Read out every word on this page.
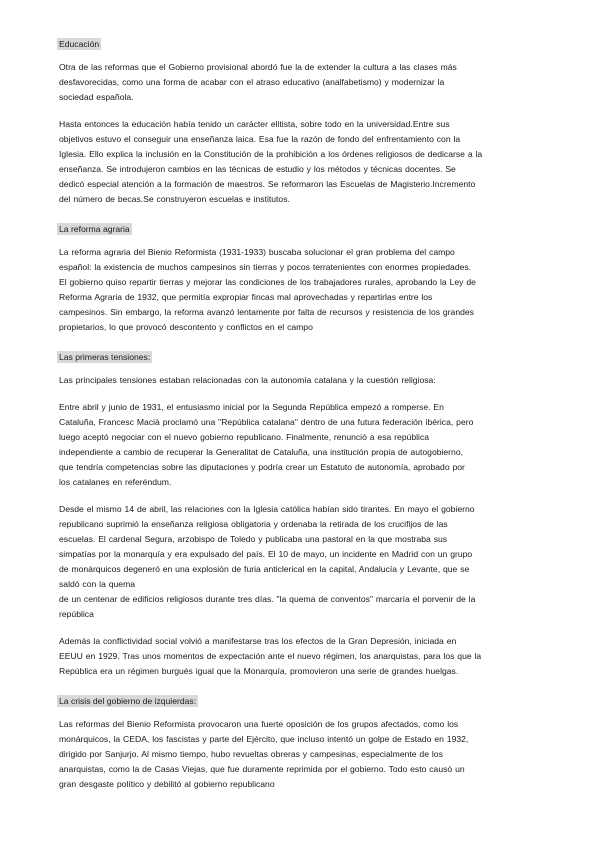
Educación

Otra de las reformas que el Gobierno provisional abordó fue la de extender la cultura a las clases más
desfavorecidas, como una forma de acabar con el atraso educativo (analfabetismo) y modernizar la
sociedad española.

Hasta entonces la educación había tenido un carácter elitista, sobre todo en la universidad.Entre sus
objetivos estuvo el conseguir una enseñanza laica. Esa fue la razón de fondo del enfrentamiento con la
Iglesia. Ello explica la inclusión en la Constitución de la prohibición a los órdenes religiosos de dedicarse a la
enseñanza. Se introdujeron cambios en las técnicas de estudio y los métodos y técnicas docentes. Se
dedicó especial atención a la formación de maestros. Se reformaron las Escuelas de Magisterio.Incremento
del número de becas.Se construyeron escuelas e institutos.

La reforma agraria

La reforma agraria del Bienio Reformista (1931-1933) buscaba solucionar el gran problema del campo
español: la existencia de muchos campesinos sin tierras y pocos terratenientes con enormes propiedades.
El gobierno quiso repartir tierras y mejorar las condiciones de los trabajadores rurales, aprobando la Ley de
Reforma Agraria de 1932, que permitía expropiar fincas mal aprovechadas y repartirlas entre los
campesinos. Sin embargo, la reforma avanzó lentamente por falta de recursos y resistencia de los grandes
propietarios, lo que provocó descontento y conflictos en el campo

Las primeras tensiones:

Las principales tensiones estaban relacionadas con la autonomía catalana y la cuestión religiosa:

Entre abril y junio de 1931, el entusiasmo inicial por la Segunda República empezó a romperse. En
Cataluña, Francesc Macià proclamó una "República catalana" dentro de una futura federación ibérica, pero
luego aceptó negociar con el nuevo gobierno republicano. Finalmente, renunció a esa república
independiente a cambio de recuperar la Generalitat de Cataluña, una institución propia de autogobierno,
que tendría competencias sobre las diputaciones y podría crear un Estatuto de autonomía, aprobado por
los catalanes en referéndum.

Desde el mismo 14 de abril, las relaciones con la Iglesia católica habían sido tirantes. En mayo el gobierno
republicano suprimió la enseñanza religiosa obligatoria y ordenaba la retirada de los crucifijos de las
escuelas. El cardenal Segura, arzobispo de Toledo y publicaba una pastoral en la que mostraba sus
simpatías por la monarquía y era expulsado del país. El 10 de mayo, un incidente en Madrid con un grupo
de monárquicos degeneró en una explosión de furia anticlerical en la capital, Andalucía y Levante, que se
saldó con la quema
de un centenar de edificios religiosos durante tres días. "la quema de conventos" marcaría el porvenir de la
república

Además la conflictividad social volvió a manifestarse tras los efectos de la Gran Depresión, iniciada en
EEUU en 1929. Tras unos momentos de expectación ante el nuevo régimen, los anarquistas, para los que la
República era un régimen burgués igual que la Monarquía, promovieron una serie de grandes huelgas.

La crisis del gobierno de izquierdas:

Las reformas del Bienio Reformista provocaron una fuerte oposición de los grupos afectados, como los
monárquicos, la CEDA, los fascistas y parte del Ejército, que incluso intentó un golpe de Estado en 1932,
dirigido por Sanjurjo. Al mismo tiempo, hubo revueltas obreras y campesinas, especialmente de los
anarquistas, como la de Casas Viejas, que fue duramente reprimida por el gobierno. Todo esto causó un
gran desgaste político y debilitó al gobierno republicano
